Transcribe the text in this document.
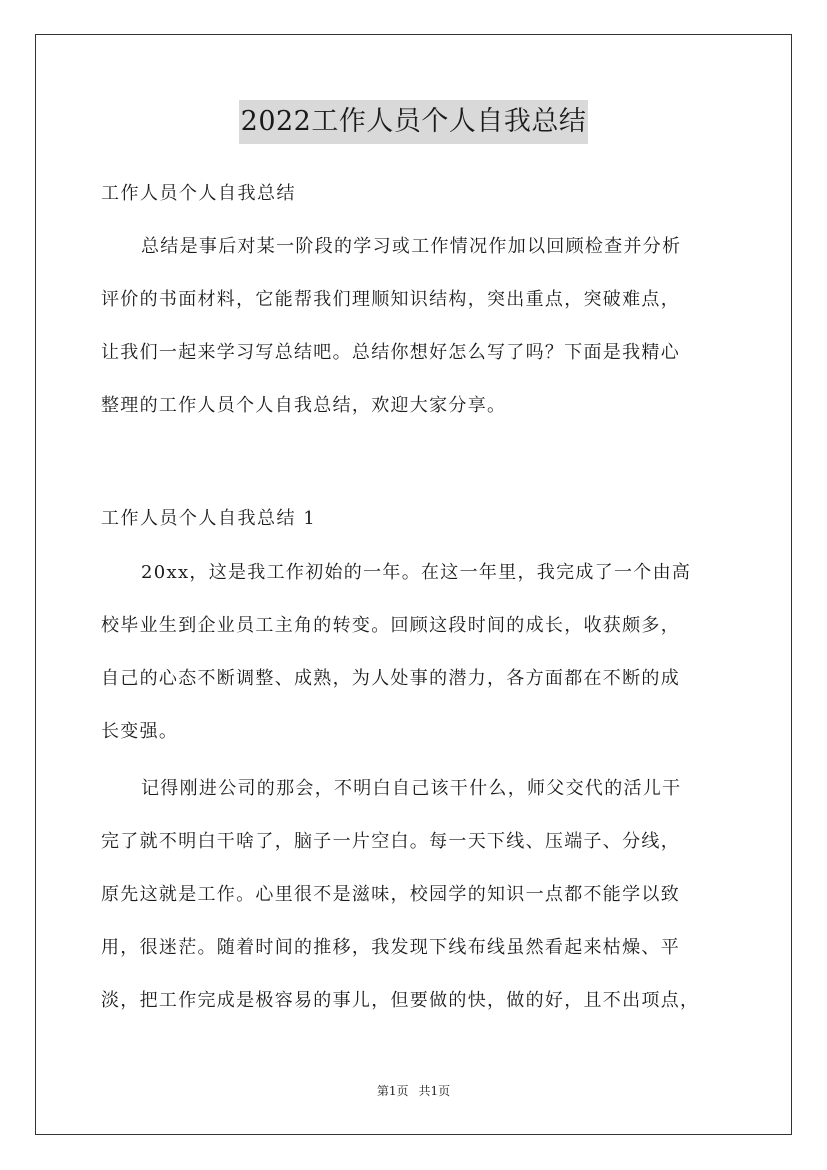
2022工作人员个人自我总结
工作人员个人自我总结
总结是事后对某一阶段的学习或工作情况作加以回顾检查并分析
评价的书面材料，它能帮我们理顺知识结构，突出重点，突破难点，
让我们一起来学习写总结吧。总结你想好怎么写了吗？下面是我精心
整理的工作人员个人自我总结，欢迎大家分享。
工作人员个人自我总结 1
20xx，这是我工作初始的一年。在这一年里，我完成了一个由高
校毕业生到企业员工主角的转变。回顾这段时间的成长，收获颇多，
自己的心态不断调整、成熟，为人处事的潜力，各方面都在不断的成
长变强。
记得刚进公司的那会，不明白自己该干什么，师父交代的活儿干
完了就不明白干啥了，脑子一片空白。每一天下线、压端子、分线，
原先这就是工作。心里很不是滋味，校园学的知识一点都不能学以致
用，很迷茫。随着时间的推移，我发现下线布线虽然看起来枯燥、平
淡，把工作完成是极容易的事儿，但要做的快，做的好，且不出项点，
第1页 共1页
